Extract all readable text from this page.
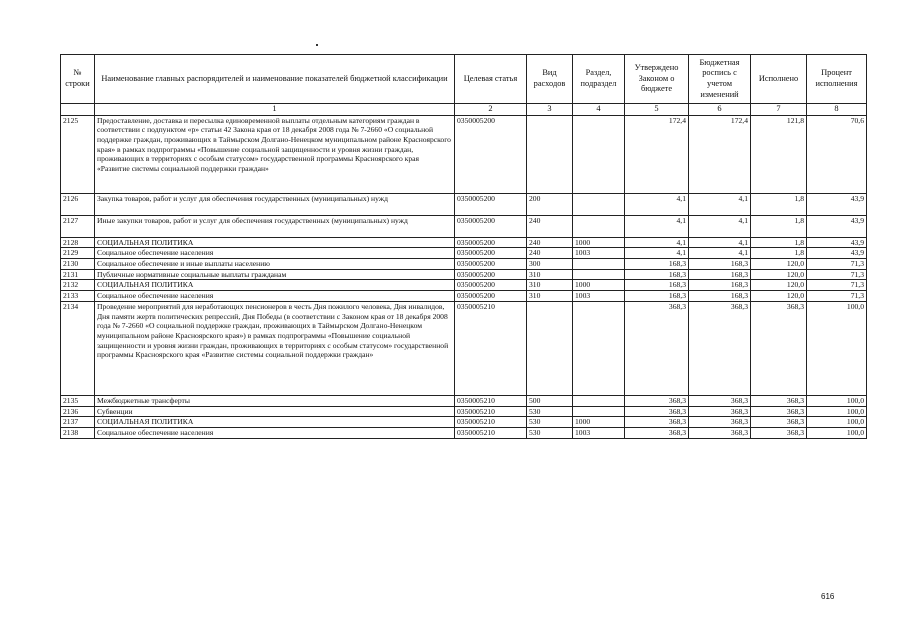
№ строки	Наименование главных распорядителей и наименование показателей бюджетной классификации	Целевая статья	Вид расходов	Раздел, подраздел	Утверждено Законом о бюджете	Бюджетная роспись с учетом изменений	Исполнено	Процент исполнения
	1	2	3	4	5	6	7	8
2125	Предоставление, доставка и пересылка единовременной выплаты отдельным категориям граждан в соответствии с подпунктом «р» статьи 42 Закона края от 18 декабря 2008 года № 7-2660 «О социальной поддержке граждан, проживающих в Таймырском Долгано-Ненецком муниципальном районе Красноярского края» в рамках подпрограммы «Повышение социальной защищенности и уровня жизни граждан, проживающих в территориях с особым статусом» государственной программы Красноярского края «Развитие системы социальной поддержки граждан»	0350005200			172,4	172,4	121,8	70,6
2126	Закупка товаров, работ и услуг для обеспечения государственных (муниципальных) нужд	0350005200	200		4,1	4,1	1,8	43,9
2127	Иные закупки товаров, работ и услуг для обеспечения государственных (муниципальных) нужд	0350005200	240		4,1	4,1	1,8	43,9
2128	СОЦИАЛЬНАЯ ПОЛИТИКА	0350005200	240	1000	4,1	4,1	1,8	43,9
2129	Социальное обеспечение населения	0350005200	240	1003	4,1	4,1	1,8	43,9
2130	Социальное обеспечение и иные выплаты населению	0350005200	300		168,3	168,3	120,0	71,3
2131	Публичные нормативные социальные выплаты гражданам	0350005200	310		168,3	168,3	120,0	71,3
2132	СОЦИАЛЬНАЯ ПОЛИТИКА	0350005200	310	1000	168,3	168,3	120,0	71,3
2133	Социальное обеспечение населения	0350005200	310	1003	168,3	168,3	120,0	71,3
2134	Проведение мероприятий для неработающих пенсионеров в честь Дня пожилого человека, Дня инвалидов, Дня памяти жертв политических репрессий, Дня Победы (в соответствии с Законом края от 18 декабря 2008 года № 7-2660 «О социальной поддержке граждан, проживающих в Таймырском Долгано-Ненецком муниципальном районе Красноярского края») в рамках подпрограммы «Повышение социальной защищенности и уровня жизни граждан, проживающих в территориях с особым статусом» государственной программы Красноярского края «Развитие системы социальной поддержки граждан»	0350005210			368,3	368,3	368,3	100,0
2135	Межбюджетные трансферты	0350005210	500		368,3	368,3	368,3	100,0
2136	Субвенции	0350005210	530		368,3	368,3	368,3	100,0
2137	СОЦИАЛЬНАЯ ПОЛИТИКА	0350005210	530	1000	368,3	368,3	368,3	100,0
2138	Социальное обеспечение населения	0350005210	530	1003	368,3	368,3	368,3	100,0
616
